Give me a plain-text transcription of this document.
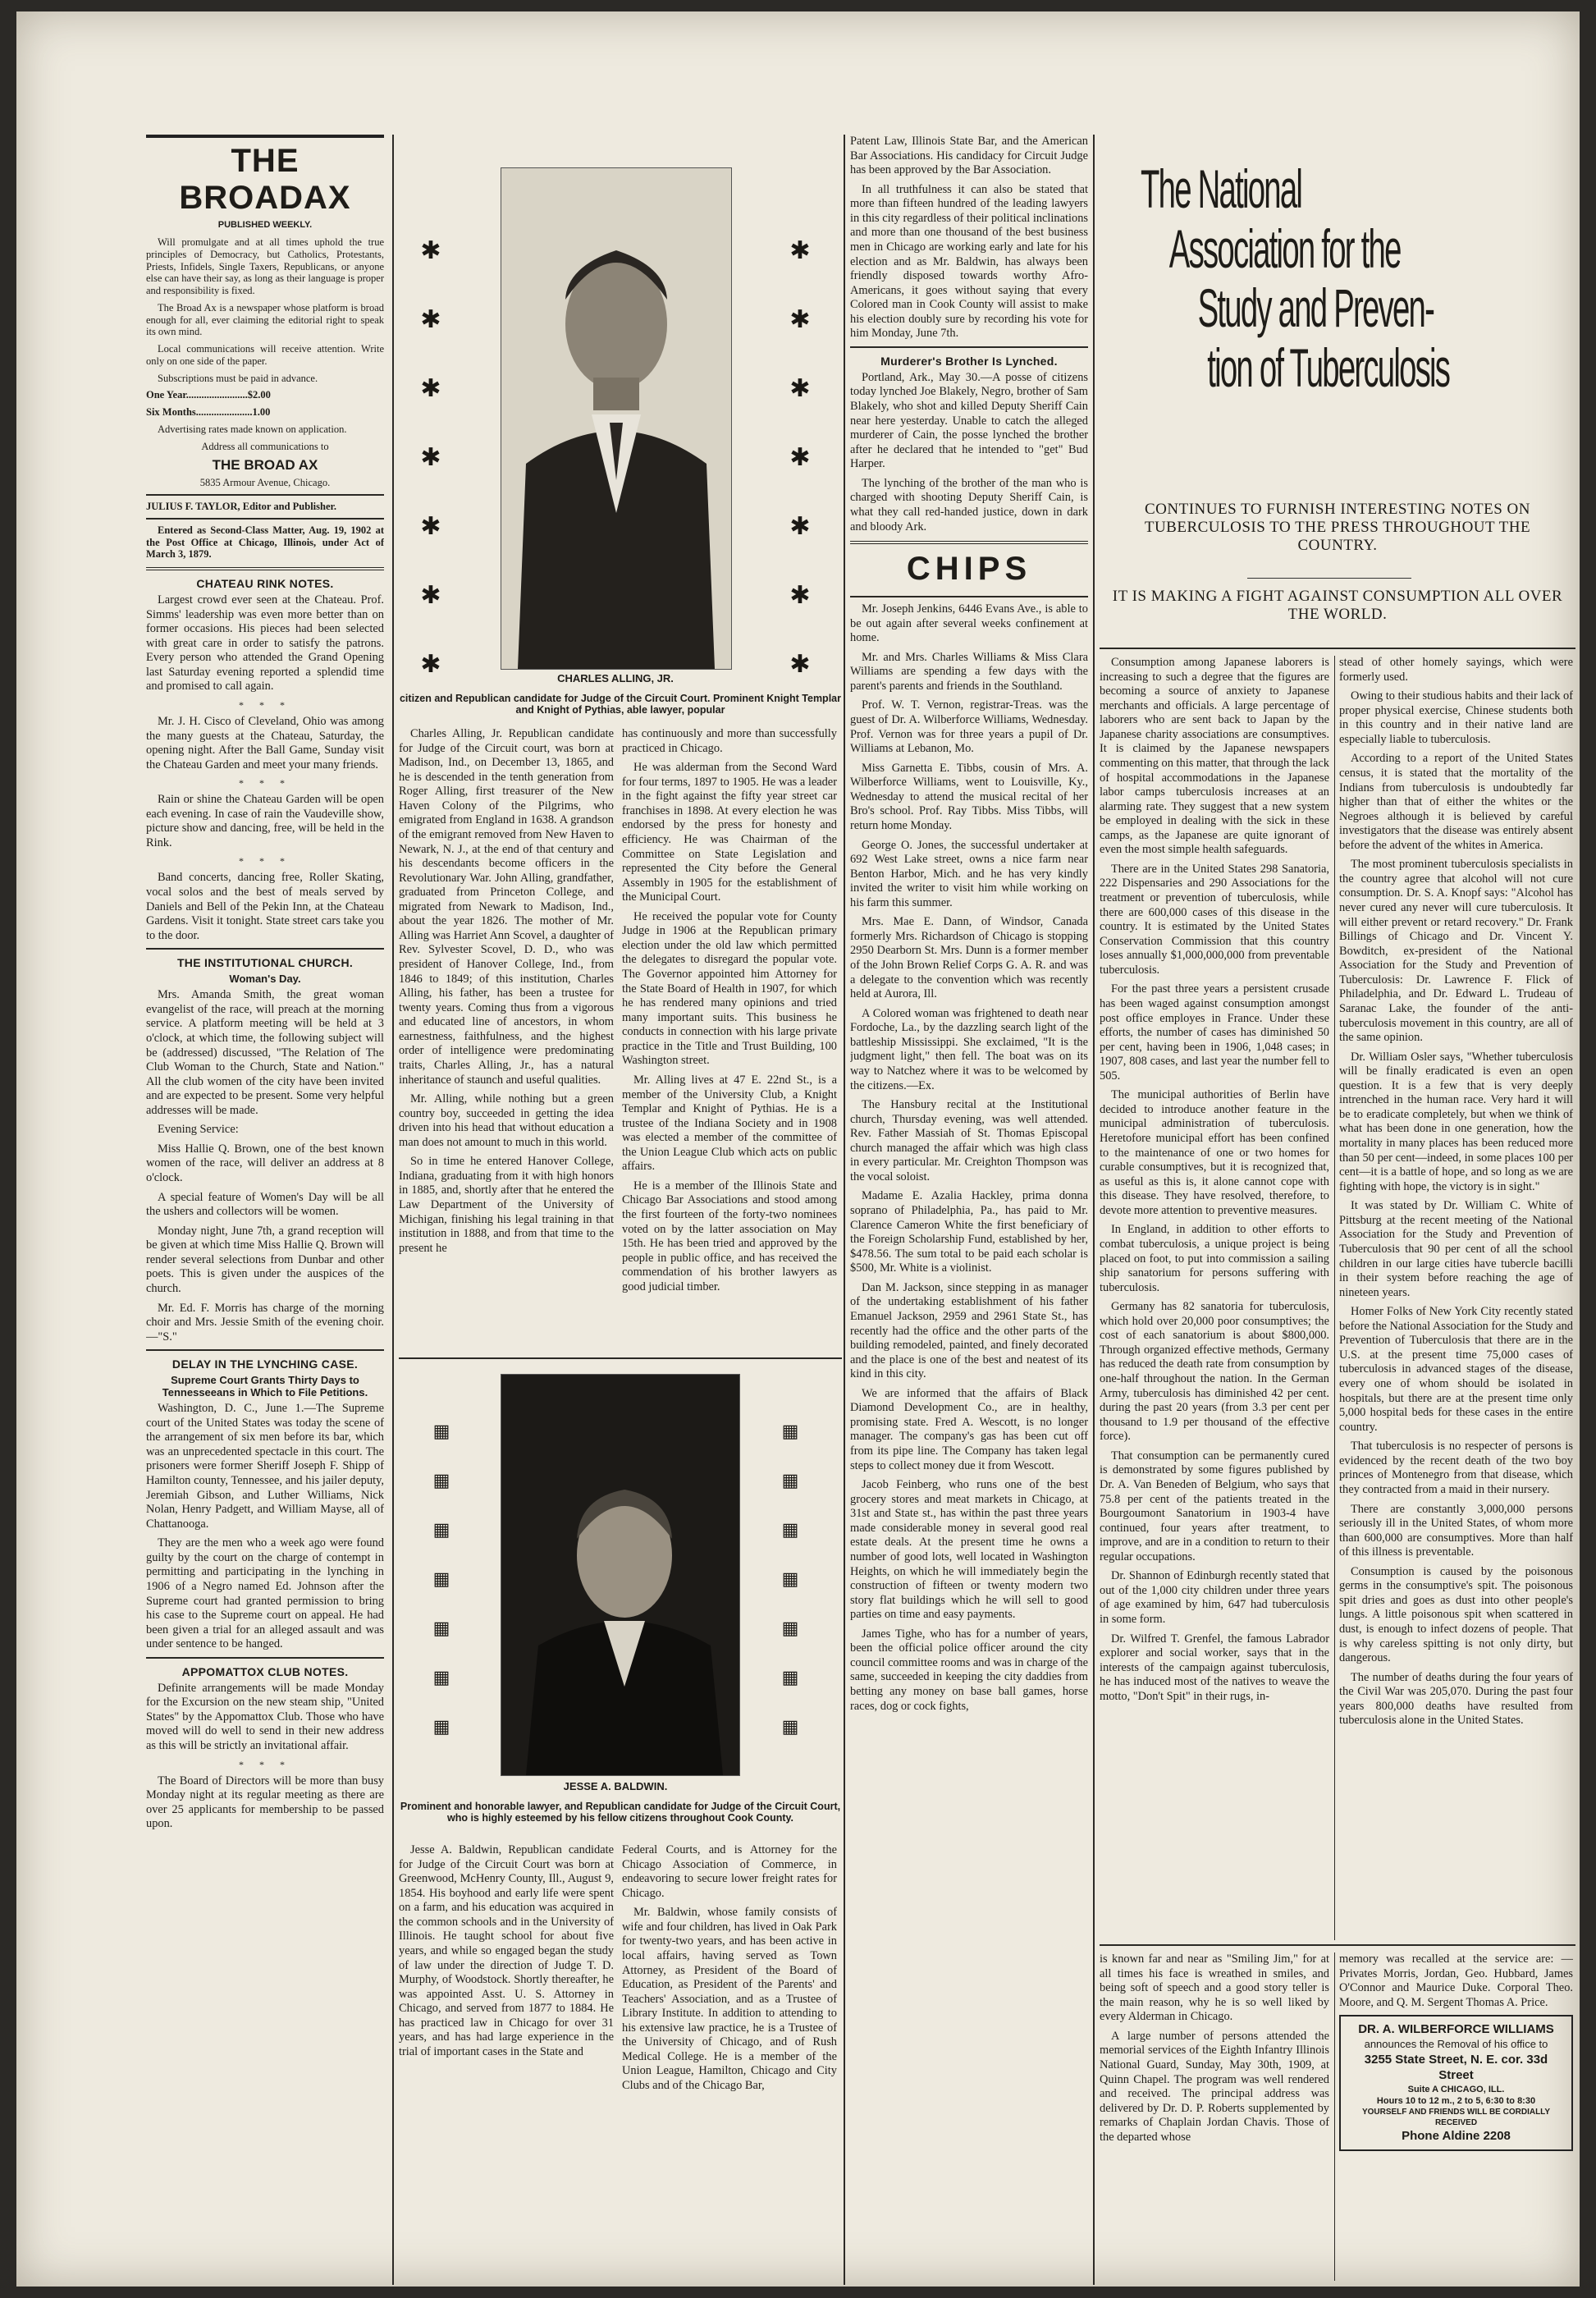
THE BROADAX
PUBLISHED WEEKLY.

Will promulgate and at all times uphold the true principles of Democracy, but Catholics, Protestants, Priests, Infidels, Single Taxers, Republicans, or anyone else can have their say, as long as their language is proper and responsibility is fixed.

The Broad Ax is a newspaper whose platform is broad enough for all, ever claiming the editorial right to speak its own mind.

Local communications will receive attention. Write only on one side of the paper.

Subscriptions must be paid in advance.

One Year........................$2.00

Six Months......................1.00

Advertising rates made known on application.

Address all communications to

THE BROAD AX

5835 Armour Avenue, Chicago.

JULIUS F. TAYLOR, Editor and Publisher.

Entered as Second-Class Matter, Aug. 19, 1902 at the Post Office at Chicago, Illinois, under Act of March 3, 1879.

CHATEAU RINK NOTES.

Largest crowd ever seen at the Chateau. Prof. Simms' leadership was even more better than on former occasions. His pieces had been selected with great care in order to satisfy the patrons. Every person who attended the Grand Opening last Saturday evening reported a splendid time and promised to call again.

* * *

Mr. J. H. Cisco of Cleveland, Ohio was among the many guests at the Chateau, Saturday, the opening night. After the Ball Game, Sunday visit the Chateau Garden and meet your many friends.

* * *

Rain or shine the Chateau Garden will be open each evening. In case of rain the Vaudeville show, picture show and dancing, free, will be held in the Rink.

* * *

Band concerts, dancing free, Roller Skating, vocal solos and the best of meals served by Daniels and Bell of the Pekin Inn, at the Chateau Gardens. Visit it tonight. State street cars take you to the door.

THE INSTITUTIONAL CHURCH.
Woman's Day.

Mrs. Amanda Smith, the great woman evangelist of the race, will preach at the morning service. A platform meeting will be held at 3 o'clock, at which time, the following subject will be (addressed) discussed, "The Relation of The Club Woman to the Church, State and Nation." All the club women of the city have been invited and are expected to be present. Some very helpful addresses will be made.

Evening Service:

Miss Hallie Q. Brown, one of the best known women of the race, will deliver an address at 8 o'clock.

A special feature of Women's Day will be all the ushers and collectors will be women.

Monday night, June 7th, a grand reception will be given at which time Miss Hallie Q. Brown will render several selections from Dunbar and other poets. This is given under the auspices of the church.

Mr. Ed. F. Morris has charge of the morning choir and Mrs. Jessie Smith of the evening choir.—"S."

DELAY IN THE LYNCHING CASE.
Supreme Court Grants Thirty Days to Tennesseeans in Which to File Petitions.

Washington, D. C., June 1.—The Supreme court of the United States was today the scene of the arrangement of six men before its bar, which was an unprecedented spectacle in this court. The prisoners were former Sheriff Joseph F. Shipp of Hamilton county, Tennessee, and his jailer deputy, Jeremiah Gibson, and Luther Williams, Nick Nolan, Henry Padgett, and William Mayse, all of Chattanooga.

They are the men who a week ago were found guilty by the court on the charge of contempt in permitting and participating in the lynching in 1906 of a Negro named Ed. Johnson after the Supreme court had granted permission to bring his case to the Supreme court on appeal. He had been given a trial for an alleged assault and was under sentence to be hanged.

APPOMATTOX CLUB NOTES.

Definite arrangements will be made Monday for the Excursion on the new steam ship, "United States" by the Appomattox Club. Those who have moved will do well to send in their new address as this will be strictly an invitational affair.

* * *

The Board of Directors will be more than busy Monday night at its regular meeting as there are over 25 applicants for membership to be passed upon.

✱
✱
✱
✱
✱
✱
✱
✱
✱
✱
✱
✱
✱
✱
CHARLES ALLING, JR.
citizen and Republican candidate for Judge of the Circuit Court. Prominent Knight Templar and Knight of Pythias, able lawyer, popular

Charles Alling, Jr. Republican candidate for Judge of the Circuit court, was born at Madison, Ind., on December 13, 1865, and he is descended in the tenth generation from Roger Alling, first treasurer of the New Haven Colony of the Pilgrims, who emigrated from England in 1638. A grandson of the emigrant removed from New Haven to Newark, N. J., at the end of that century and his descendants become officers in the Revolutionary War. John Alling, grandfather, graduated from Princeton College, and migrated from Newark to Madison, Ind., about the year 1826. The mother of Mr. Alling was Harriet Ann Scovel, a daughter of Rev. Sylvester Scovel, D. D., who was president of Hanover College, Ind., from 1846 to 1849; of this institution, Charles Alling, his father, has been a trustee for twenty years. Coming thus from a vigorous and educated line of ancestors, in whom earnestness, faithfulness, and the highest order of intelligence were predominating traits, Charles Alling, Jr., has a natural inheritance of staunch and useful qualities.

Mr. Alling, while nothing but a green country boy, succeeded in getting the idea driven into his head that without education a man does not amount to much in this world.

So in time he entered Hanover College, Indiana, graduating from it with high honors in 1885, and, shortly after that he entered the Law Department of the University of Michigan, finishing his legal training in that institution in 1888, and from that time to the present he

has continuously and more than successfully practiced in Chicago.

He was alderman from the Second Ward for four terms, 1897 to 1905. He was a leader in the fight against the fifty year street car franchises in 1898. At every election he was endorsed by the press for honesty and efficiency. He was Chairman of the Committee on State Legislation and represented the City before the General Assembly in 1905 for the establishment of the Municipal Court.

He received the popular vote for County Judge in 1906 at the Republican primary election under the old law which permitted the delegates to disregard the popular vote. The Governor appointed him Attorney for the State Board of Health in 1907, for which he has rendered many opinions and tried many important suits. This business he conducts in connection with his large private practice in the Title and Trust Building, 100 Washington street.

Mr. Alling lives at 47 E. 22nd St., is a member of the University Club, a Knight Templar and Knight of Pythias. He is a trustee of the Indiana Society and in 1908 was elected a member of the committee of the Union League Club which acts on public affairs.

He is a member of the Illinois State and Chicago Bar Associations and stood among the first fourteen of the forty-two nominees voted on by the latter association on May 15th. He has been tried and approved by the people in public office, and has received the commendation of his brother lawyers as good judicial timber.

▦
▦
▦
▦
▦
▦
▦
▦
▦
▦
▦
▦
▦
▦
JESSE A. BALDWIN.
Prominent and honorable lawyer, and Republican candidate for Judge of the Circuit Court, who is highly esteemed by his fellow citizens throughout Cook County.

Jesse A. Baldwin, Republican candidate for Judge of the Circuit Court was born at Greenwood, McHenry County, Ill., August 9, 1854. His boyhood and early life were spent on a farm, and his education was acquired in the common schools and in the University of Illinois. He taught school for about five years, and while so engaged began the study of law under the direction of Judge T. D. Murphy, of Woodstock. Shortly thereafter, he was appointed Asst. U. S. Attorney in Chicago, and served from 1877 to 1884. He has practiced law in Chicago for over 31 years, and has had large experience in the trial of important cases in the State and

Federal Courts, and is Attorney for the Chicago Association of Commerce, in endeavoring to secure lower freight rates for Chicago.

Mr. Baldwin, whose family consists of wife and four children, has lived in Oak Park for twenty-two years, and has been active in local affairs, having served as Town Attorney, as President of the Board of Education, as President of the Parents' and Teachers' Association, and as a Trustee of Library Institute. In addition to attending to his extensive law practice, he is a Trustee of the University of Chicago, and of Rush Medical College. He is a member of the Union League, Hamilton, Chicago and City Clubs and of the Chicago Bar,

Patent Law, Illinois State Bar, and the American Bar Associations. His candidacy for Circuit Judge has been approved by the Bar Association.

In all truthfulness it can also be stated that more than fifteen hundred of the leading lawyers in this city regardless of their political inclinations and more than one thousand of the best business men in Chicago are working early and late for his election and as Mr. Baldwin, has always been friendly disposed towards worthy Afro-Americans, it goes without saying that every Colored man in Cook County will assist to make his election doubly sure by recording his vote for him Monday, June 7th.

Murderer's Brother Is Lynched.

Portland, Ark., May 30.—A posse of citizens today lynched Joe Blakely, Negro, brother of Sam Blakely, who shot and killed Deputy Sheriff Cain near here yesterday. Unable to catch the alleged murderer of Cain, the posse lynched the brother after he declared that he intended to "get" Bud Harper.

The lynching of the brother of the man who is charged with shooting Deputy Sheriff Cain, is what they call red-handed justice, down in dark and bloody Ark.

CHIPS

Mr. Joseph Jenkins, 6446 Evans Ave., is able to be out again after several weeks confinement at home.

Mr. and Mrs. Charles Williams & Miss Clara Williams are spending a few days with the parent's parents and friends in the Southland.

Prof. W. T. Vernon, registrar-Treas. was the guest of Dr. A. Wilberforce Williams, Wednesday. Prof. Vernon was for three years a pupil of Dr. Williams at Lebanon, Mo.

Miss Garnetta E. Tibbs, cousin of Mrs. A. Wilberforce Williams, went to Louisville, Ky., Wednesday to attend the musical recital of her Bro's school. Prof. Ray Tibbs. Miss Tibbs, will return home Monday.

George O. Jones, the successful undertaker at 692 West Lake street, owns a nice farm near Benton Harbor, Mich. and he has very kindly invited the writer to visit him while working on his farm this summer.

Mrs. Mae E. Dann, of Windsor, Canada formerly Mrs. Richardson of Chicago is stopping 2950 Dearborn St. Mrs. Dunn is a former member of the John Brown Relief Corps G. A. R. and was a delegate to the convention which was recently held at Aurora, Ill.

A Colored woman was frightened to death near Fordoche, La., by the dazzling search light of the battleship Mississippi. She exclaimed, "It is the judgment light," then fell. The boat was on its way to Natchez where it was to be welcomed by the citizens.—Ex.

The Hansbury recital at the Institutional church, Thursday evening, was well attended. Rev. Father Massiah of St. Thomas Episcopal church managed the affair which was high class in every particular. Mr. Creighton Thompson was the vocal soloist.

Madame E. Azalia Hackley, prima donna soprano of Philadelphia, Pa., has paid to Mr. Clarence Cameron White the first beneficiary of the Foreign Scholarship Fund, established by her, $478.56. The sum total to be paid each scholar is $500, Mr. White is a violinist.

Dan M. Jackson, since stepping in as manager of the undertaking establishment of his father Emanuel Jackson, 2959 and 2961 State St., has recently had the office and the other parts of the building remodeled, painted, and finely decorated and the place is one of the best and neatest of its kind in this city.

We are informed that the affairs of Black Diamond Development Co., are in healthy, promising state. Fred A. Wescott, is no longer manager. The company's gas has been cut off from its pipe line. The Company has taken legal steps to collect money due it from Wescott.

Jacob Feinberg, who runs one of the best grocery stores and meat markets in Chicago, at 31st and State st., has within the past three years made considerable money in several good real estate deals. At the present time he owns a number of good lots, well located in Washington Heights, on which he will immediately begin the construction of fifteen or twenty modern two story flat buildings which he will sell to good parties on time and easy payments.

James Tighe, who has for a number of years, been the official police officer around the city council committee rooms and was in charge of the same, succeeded in keeping the city daddies from betting any money on base ball games, horse races, dog or cock fights,

The National
Association for the
Study and Preven-
tion of Tuberculosis
CONTINUES TO FURNISH INTERESTING NOTES ON TUBERCULOSIS TO THE PRESS THROUGHOUT THE COUNTRY.
IT IS MAKING A FIGHT AGAINST CONSUMPTION ALL OVER THE WORLD.

Consumption among Japanese laborers is increasing to such a degree that the figures are becoming a source of anxiety to Japanese merchants and officials. A large percentage of laborers who are sent back to Japan by the Japanese charity associations are consumptives. It is claimed by the Japanese newspapers commenting on this matter, that through the lack of hospital accommodations in the Japanese labor camps tuberculosis increases at an alarming rate. They suggest that a new system be employed in dealing with the sick in these camps, as the Japanese are quite ignorant of even the most simple health safeguards.

There are in the United States 298 Sanatoria, 222 Dispensaries and 290 Associations for the treatment or prevention of tuberculosis, while there are 600,000 cases of this disease in the country. It is estimated by the United States Conservation Commission that this country loses annually $1,000,000,000 from preventable tuberculosis.

For the past three years a persistent crusade has been waged against consumption amongst post office employes in France. Under these efforts, the number of cases has diminished 50 per cent, having been in 1906, 1,048 cases; in 1907, 808 cases, and last year the number fell to 505.

The municipal authorities of Berlin have decided to introduce another feature in the municipal administration of tuberculosis. Heretofore municipal effort has been confined to the maintenance of one or two homes for curable consumptives, but it is recognized that, as useful as this is, it alone cannot cope with this disease. They have resolved, therefore, to devote more attention to preventive measures.

In England, in addition to other efforts to combat tuberculosis, a unique project is being placed on foot, to put into commission a sailing ship sanatorium for persons suffering with tuberculosis.

Germany has 82 sanatoria for tuberculosis, which hold over 20,000 poor consumptives; the cost of each sanatorium is about $800,000. Through organized effective methods, Germany has reduced the death rate from consumption by one-half throughout the nation. In the German Army, tuberculosis has diminished 42 per cent. during the past 20 years (from 3.3 per cent per thousand to 1.9 per thousand of the effective force).

That consumption can be permanently cured is demonstrated by some figures published by Dr. A. Van Beneden of Belgium, who says that 75.8 per cent of the patients treated in the Bourgoumont Sanatorium in 1903-4 have continued, four years after treatment, to improve, and are in a condition to return to their regular occupations.

Dr. Shannon of Edinburgh recently stated that out of the 1,000 city children under three years of age examined by him, 647 had tuberculosis in some form.

Dr. Wilfred T. Grenfel, the famous Labrador explorer and social worker, says that in the interests of the campaign against tuberculosis, he has induced most of the natives to weave the motto, "Don't Spit" in their rugs, in-

stead of other homely sayings, which were formerly used.

Owing to their studious habits and their lack of proper physical exercise, Chinese students both in this country and in their native land are especially liable to tuberculosis.

According to a report of the United States census, it is stated that the mortality of the Indians from tuberculosis is undoubtedly far higher than that of either the whites or the Negroes although it is believed by careful investigators that the disease was entirely absent before the advent of the whites in America.

The most prominent tuberculosis specialists in the country agree that alcohol will not cure consumption. Dr. S. A. Knopf says: "Alcohol has never cured any never will cure tuberculosis. It will either prevent or retard recovery." Dr. Frank Billings of Chicago and Dr. Vincent Y. Bowditch, ex-president of the National Association for the Study and Prevention of Tuberculosis: Dr. Lawrence F. Flick of Philadelphia, and Dr. Edward L. Trudeau of Saranac Lake, the founder of the anti-tuberculosis movement in this country, are all of the same opinion.

Dr. William Osler says, "Whether tuberculosis will be finally eradicated is even an open question. It is a few that is very deeply intrenched in the human race. Very hard it will be to eradicate completely, but when we think of what has been done in one generation, how the mortality in many places has been reduced more than 50 per cent—indeed, in some places 100 per cent—it is a battle of hope, and so long as we are fighting with hope, the victory is in sight."

It was stated by Dr. William C. White of Pittsburg at the recent meeting of the National Association for the Study and Prevention of Tuberculosis that 90 per cent of all the school children in our large cities have tubercle bacilli in their system before reaching the age of nineteen years.

Homer Folks of New York City recently stated before the National Association for the Study and Prevention of Tuberculosis that there are in the U.S. at the present time 75,000 cases of tuberculosis in advanced stages of the disease, every one of whom should be isolated in hospitals, but there are at the present time only 5,000 hospital beds for these cases in the entire country.

That tuberculosis is no respecter of persons is evidenced by the recent death of the two boy princes of Montenegro from that disease, which they contracted from a maid in their nursery.

There are constantly 3,000,000 persons seriously ill in the United States, of whom more than 600,000 are consumptives. More than half of this illness is preventable.

Consumption is caused by the poisonous germs in the consumptive's spit. The poisonous spit dries and goes as dust into other people's lungs. A little poisonous spit when scattered in dust, is enough to infect dozens of people. That is why careless spitting is not only dirty, but dangerous.

The number of deaths during the four years of the Civil War was 205,070. During the past four years 800,000 deaths have resulted from tuberculosis alone in the United States.

is known far and near as "Smiling Jim," for at all times his face is wreathed in smiles, and being soft of speech and a good story teller is the main reason, why he is so well liked by every Alderman in Chicago.

A large number of persons attended the memorial services of the Eighth Infantry Illinois National Guard, Sunday, May 30th, 1909, at Quinn Chapel. The program was well rendered and received. The principal address was delivered by Dr. D. P. Roberts supplemented by remarks of Chaplain Jordan Chavis. Those of the departed whose

memory was recalled at the service are: —Privates Morris, Jordan, Geo. Hubbard, James O'Connor and Maurice Duke. Corporal Theo. Moore, and Q. M. Sergent Thomas A. Price.

DR. A. WILBERFORCE WILLIAMS
announces the Removal of his office to
3255 State Street, N. E. cor. 33d Street
Suite A CHICAGO, ILL.
Hours 10 to 12 m., 2 to 5, 6:30 to 8:30
YOURSELF AND FRIENDS WILL BE CORDIALLY RECEIVED
Phone Aldine 2208
